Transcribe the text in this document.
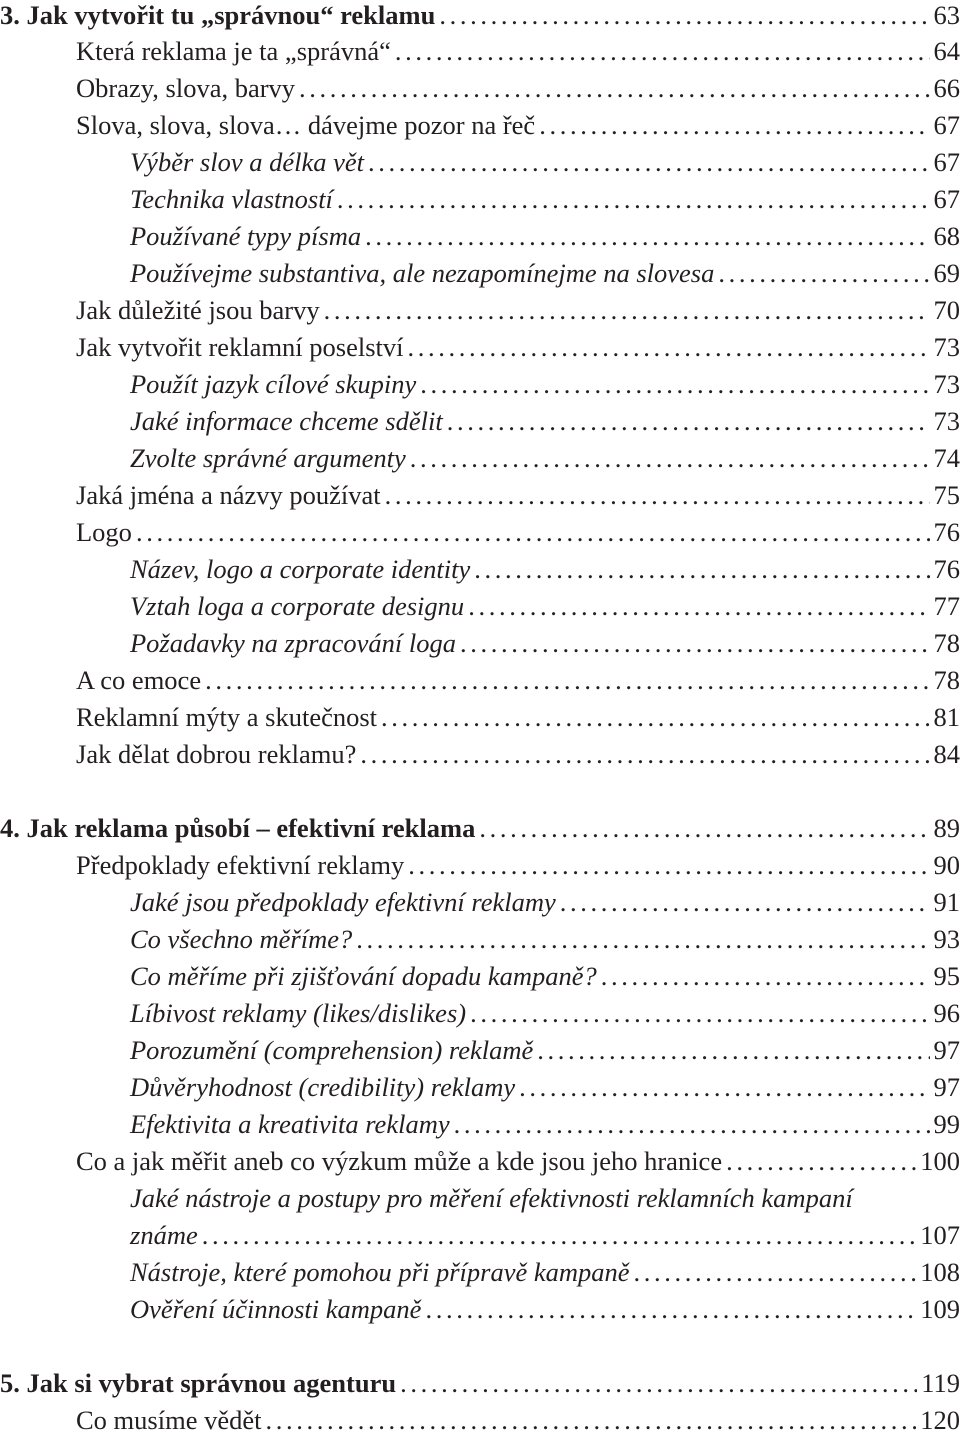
3. Jak vytvořit tu „správnou“ reklamu . . .	63
Která reklama je ta „správná“ . . .	64
Obrazy, slova, barvy . . .	66
Slova, slova, slova… dávejme pozor na řeč . . .	67
Výběr slov a délka vět . . .	67
Technika vlastností . . .	67
Používané typy písma . . .	68
Používejme substantiva, ale nezapomínejme na slovesa . . .	69
Jak důležité jsou barvy . . .	70
Jak vytvořit reklamní poselství . . .	73
Použít jazyk cílové skupiny . . .	73
Jaké informace chceme sdělit . . .	73
Zvolte správné argumenty . . .	74
Jaká jména a názvy používat . . .	75
Logo . . .	76
Název, logo a corporate identity . . .	76
Vztah loga a corporate designu . . .	77
Požadavky na zpracování loga . . .	78
A co emoce . . .	78
Reklamní mýty a skutečnost . . .	81
Jak dělat dobrou reklamu? . . .	84
4. Jak reklama působí – efektivní reklama . . .	89
Předpoklady efektivní reklamy . . .	90
Jaké jsou předpoklady efektivní reklamy . . .	91
Co všechno měříme? . . .	93
Co měříme při zjišťování dopadu kampaně? . . .	95
Líbivost reklamy (likes/dislikes) . . .	96
Porozumění (comprehension) reklamě . . .	97
Důvěryhodnost (credibility) reklamy . . .	97
Efektivita a kreativita reklamy . . .	99
Co a jak měřit aneb co výzkum může a kde jsou jeho hranice . . .	100
Jaké nástroje a postupy pro měření efektivnosti reklamních kampaní
známe . . .	107
Nástroje, které pomohou při přípravě kampaně . . .	108
Ověření účinnosti kampaně . . .	109
5. Jak si vybrat správnou agenturu . . .	119
Co musíme vědět . . .	120
